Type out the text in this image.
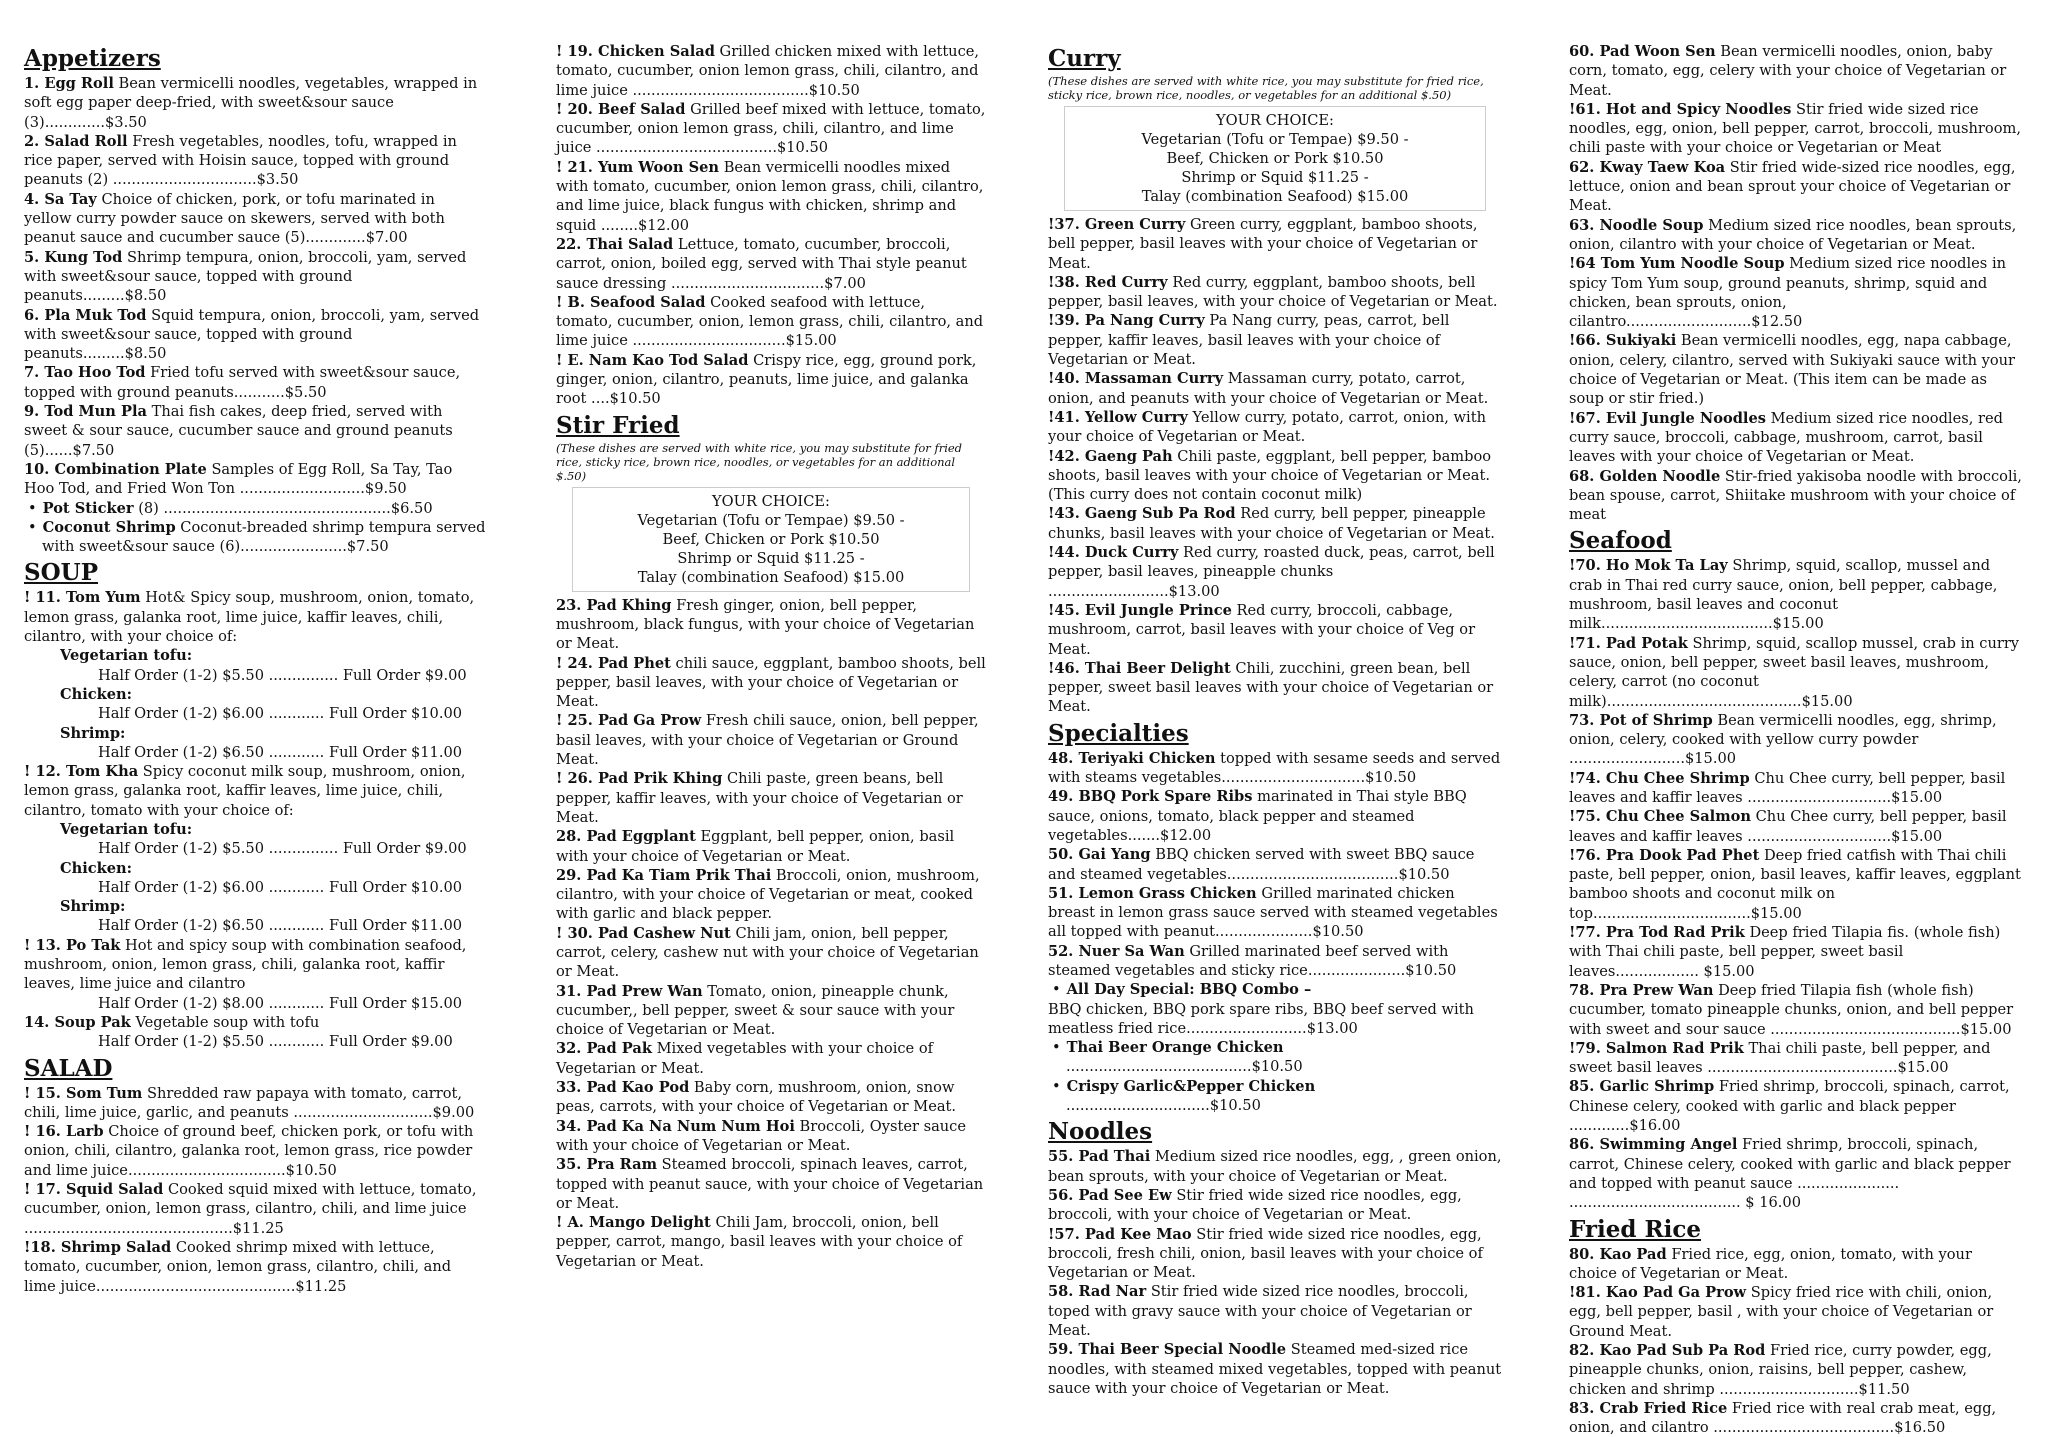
Appetizers

1. Egg Roll Bean vermicelli noodles, vegetables, wrapped in soft egg paper deep-fried, with sweet&sour sauce (3).............$3.50

2. Salad Roll Fresh vegetables, noodles, tofu, wrapped in rice paper, served with Hoisin sauce, topped with ground peanuts (2) ...............................$3.50

4. Sa Tay Choice of chicken, pork, or tofu marinated in yellow curry powder sauce on skewers, served with both peanut sauce and cucumber sauce (5).............$7.00

5. Kung Tod Shrimp tempura, onion, broccoli, yam, served with sweet&sour sauce, topped with ground peanuts.........$8.50

6. Pla Muk Tod Squid tempura, onion, broccoli, yam, served with sweet&sour sauce, topped with ground peanuts.........$8.50

7. Tao Hoo Tod Fried tofu served with sweet&sour sauce, topped with ground peanuts...........$5.50

9. Tod Mun Pla Thai fish cakes, deep fried, served with sweet & sour sauce, cucumber sauce and ground peanuts (5)......$7.50

10. Combination Plate Samples of Egg Roll, Sa Tay, Tao Hoo Tod, and Fried Won Ton ...........................$9.50

• Pot Sticker (8) .................................................$6.50

• Coconut Shrimp Coconut-breaded shrimp tempura served with sweet&sour sauce (6).......................$7.50

SOUP

! 11. Tom Yum Hot& Spicy soup, mushroom, onion, tomato, lemon grass, galanka root, lime juice, kaffir leaves, chili, cilantro, with your choice of:

Vegetarian tofu:

Half Order (1-2) $5.50 ............... Full Order $9.00

Chicken:

Half Order (1-2) $6.00 ............ Full Order $10.00

Shrimp:

Half Order (1-2) $6.50 ............ Full Order $11.00

! 12. Tom Kha Spicy coconut milk soup, mushroom, onion, lemon grass, galanka root, kaffir leaves, lime juice, chili, cilantro, tomato with your choice of:

Vegetarian tofu:

Half Order (1-2) $5.50 ............... Full Order $9.00

Chicken:

Half Order (1-2) $6.00 ............ Full Order $10.00

Shrimp:

Half Order (1-2) $6.50 ............ Full Order $11.00

! 13. Po Tak Hot and spicy soup with combination seafood, mushroom, onion, lemon grass, chili, galanka root, kaffir leaves, lime juice and cilantro

Half Order (1-2) $8.00 ............ Full Order $15.00

14. Soup Pak Vegetable soup with tofu

Half Order (1-2) $5.50 ............ Full Order $9.00

SALAD

! 15. Som Tum Shredded raw papaya with tomato, carrot, chili, lime juice, garlic, and peanuts ..............................$9.00

! 16. Larb Choice of ground beef, chicken pork, or tofu with onion, chili, cilantro, galanka root, lemon grass, rice powder and lime juice..................................$10.50

! 17. Squid Salad Cooked squid mixed with lettuce, tomato, cucumber, onion, lemon grass, cilantro, chili, and lime juice .............................................$11.25

!18. Shrimp Salad Cooked shrimp mixed with lettuce, tomato, cucumber, onion, lemon grass, cilantro, chili, and lime juice...........................................$11.25

! 19. Chicken Salad Grilled chicken mixed with lettuce, tomato, cucumber, onion lemon grass, chili, cilantro, and lime juice ......................................$10.50

! 20. Beef Salad Grilled beef mixed with lettuce, tomato, cucumber, onion lemon grass, chili, cilantro, and lime juice .......................................$10.50

! 21. Yum Woon Sen Bean vermicelli noodles mixed with tomato, cucumber, onion lemon grass, chili, cilantro, and lime juice, black fungus with chicken, shrimp and squid ........$12.00

22. Thai Salad Lettuce, tomato, cucumber, broccoli, carrot, onion, boiled egg, served with Thai style peanut sauce dressing .................................$7.00

! B. Seafood Salad Cooked seafood with lettuce, tomato, cucumber, onion, lemon grass, chili, cilantro, and lime juice .................................$15.00

! E. Nam Kao Tod Salad Crispy rice, egg, ground pork, ginger, onion, cilantro, peanuts, lime juice, and galanka root ....$10.50

Stir Fried

(These dishes are served with white rice, you may substitute for fried rice, sticky rice, brown rice, noodles, or vegetables for an additional $.50)

YOUR CHOICE:
Vegetarian (Tofu or Tempae) $9.50 -
Beef, Chicken or Pork $10.50
Shrimp or Squid $11.25 -
Talay (combination Seafood) $15.00

23. Pad Khing Fresh ginger, onion, bell pepper, mushroom, black fungus, with your choice of Vegetarian or Meat.

! 24. Pad Phet chili sauce, eggplant, bamboo shoots, bell pepper, basil leaves, with your choice of Vegetarian or Meat.

! 25. Pad Ga Prow Fresh chili sauce, onion, bell pepper, basil leaves, with your choice of Vegetarian or Ground Meat.

! 26. Pad Prik Khing Chili paste, green beans, bell pepper, kaffir leaves, with your choice of Vegetarian or Meat.

28. Pad Eggplant Eggplant, bell pepper, onion, basil with your choice of Vegetarian or Meat.

29. Pad Ka Tiam Prik Thai Broccoli, onion, mushroom, cilantro, with your choice of Vegetarian or meat, cooked with garlic and black pepper.

! 30. Pad Cashew Nut Chili jam, onion, bell pepper, carrot, celery, cashew nut with your choice of Vegetarian or Meat.

31. Pad Prew Wan Tomato, onion, pineapple chunk, cucumber,, bell pepper, sweet & sour sauce with your choice of Vegetarian or Meat.

32. Pad Pak Mixed vegetables with your choice of Vegetarian or Meat.

33. Pad Kao Pod Baby corn, mushroom, onion, snow peas, carrots, with your choice of Vegetarian or Meat.

34. Pad Ka Na Num Num Hoi Broccoli, Oyster sauce with your choice of Vegetarian or Meat.

35. Pra Ram Steamed broccoli, spinach leaves, carrot, topped with peanut sauce, with your choice of Vegetarian or Meat.

! A. Mango Delight Chili Jam, broccoli, onion, bell pepper, carrot, mango, basil leaves with your choice of Vegetarian or Meat.

Curry

(These dishes are served with white rice, you may substitute for fried rice, sticky rice, brown rice, noodles, or vegetables for an additional $.50)

YOUR CHOICE:
Vegetarian (Tofu or Tempae) $9.50 -
Beef, Chicken or Pork $10.50
Shrimp or Squid $11.25 -
Talay (combination Seafood) $15.00

!37. Green Curry Green curry, eggplant, bamboo shoots, bell pepper, basil leaves with your choice of Vegetarian or Meat.

!38. Red Curry Red curry, eggplant, bamboo shoots, bell pepper, basil leaves, with your choice of Vegetarian or Meat.

!39. Pa Nang Curry Pa Nang curry, peas, carrot, bell pepper, kaffir leaves, basil leaves with your choice of Vegetarian or Meat.

!40. Massaman Curry Massaman curry, potato, carrot, onion, and peanuts with your choice of Vegetarian or Meat.

!41. Yellow Curry Yellow curry, potato, carrot, onion, with your choice of Vegetarian or Meat.

!42. Gaeng Pah Chili paste, eggplant, bell pepper, bamboo shoots, basil leaves with your choice of Vegetarian or Meat. (This curry does not contain coconut milk)

!43. Gaeng Sub Pa Rod Red curry, bell pepper, pineapple chunks, basil leaves with your choice of Vegetarian or Meat.

!44. Duck Curry Red curry, roasted duck, peas, carrot, bell pepper, basil leaves, pineapple chunks ..........................$13.00

!45. Evil Jungle Prince Red curry, broccoli, cabbage, mushroom, carrot, basil leaves with your choice of Veg or Meat.

!46. Thai Beer Delight Chili, zucchini, green bean, bell pepper, sweet basil leaves with your choice of Vegetarian or Meat.

Specialties

48. Teriyaki Chicken topped with sesame seeds and served with steams vegetables...............................$10.50

49. BBQ Pork Spare Ribs marinated in Thai style BBQ sauce, onions, tomato, black pepper and steamed vegetables.......$12.00

50. Gai Yang BBQ chicken served with sweet BBQ sauce and steamed vegetables.....................................$10.50

51. Lemon Grass Chicken Grilled marinated chicken breast in lemon grass sauce served with steamed vegetables all topped with peanut.....................$10.50

52. Nuer Sa Wan Grilled marinated beef served with steamed vegetables and sticky rice.....................$10.50

• All Day Special: BBQ Combo –

BBQ chicken, BBQ pork spare ribs, BBQ beef served with meatless fried rice..........................$13.00

• Thai Beer Orange Chicken ........................................$10.50

• Crispy Garlic&Pepper Chicken ...............................$10.50

Noodles

55. Pad Thai Medium sized rice noodles, egg, , green onion, bean sprouts, with your choice of Vegetarian or Meat.

56. Pad See Ew Stir fried wide sized rice noodles, egg, broccoli, with your choice of Vegetarian or Meat.

!57. Pad Kee Mao Stir fried wide sized rice noodles, egg, broccoli, fresh chili, onion, basil leaves with your choice of Vegetarian or Meat.

58. Rad Nar Stir fried wide sized rice noodles, broccoli, toped with gravy sauce with your choice of Vegetarian or Meat.

59. Thai Beer Special Noodle Steamed med-sized rice noodles, with steamed mixed vegetables, topped with peanut sauce with your choice of Vegetarian or Meat.

60. Pad Woon Sen Bean vermicelli noodles, onion, baby corn, tomato, egg, celery with your choice of Vegetarian or Meat.

!61. Hot and Spicy Noodles Stir fried wide sized rice noodles, egg, onion, bell pepper, carrot, broccoli, mushroom, chili paste with your choice or Vegetarian or Meat

62. Kway Taew Koa Stir fried wide-sized rice noodles, egg, lettuce, onion and bean sprout your choice of Vegetarian or Meat.

63. Noodle Soup Medium sized rice noodles, bean sprouts, onion, cilantro with your choice of Vegetarian or Meat.

!64 Tom Yum Noodle Soup Medium sized rice noodles in spicy Tom Yum soup, ground peanuts, shrimp, squid and chicken, bean sprouts, onion, cilantro...........................$12.50

!66. Sukiyaki Bean vermicelli noodles, egg, napa cabbage, onion, celery, cilantro, served with Sukiyaki sauce with your choice of Vegetarian or Meat. (This item can be made as soup or stir fried.)

!67. Evil Jungle Noodles Medium sized rice noodles, red curry sauce, broccoli, cabbage, mushroom, carrot, basil leaves with your choice of Vegetarian or Meat.

68. Golden Noodle Stir-fried yakisoba noodle with broccoli, bean spouse, carrot, Shiitake mushroom with your choice of meat

Seafood

!70. Ho Mok Ta Lay Shrimp, squid, scallop, mussel and crab in Thai red curry sauce, onion, bell pepper, cabbage, mushroom, basil leaves and coconut milk.....................................$15.00

!71. Pad Potak Shrimp, squid, scallop mussel, crab in curry sauce, onion, bell pepper, sweet basil leaves, mushroom, celery, carrot (no coconut milk)..........................................$15.00

73. Pot of Shrimp Bean vermicelli noodles, egg, shrimp, onion, celery, cooked with yellow curry powder .........................$15.00

!74. Chu Chee Shrimp Chu Chee curry, bell pepper, basil leaves and kaffir leaves ...............................$15.00

!75. Chu Chee Salmon Chu Chee curry, bell pepper, basil leaves and kaffir leaves ...............................$15.00

!76. Pra Dook Pad Phet Deep fried catfish with Thai chili paste, bell pepper, onion, basil leaves, kaffir leaves, eggplant bamboo shoots and coconut milk on top..................................$15.00

!77. Pra Tod Rad Prik Deep fried Tilapia fis. (whole fish) with Thai chili paste, bell pepper, sweet basil leaves.................. $15.00

78. Pra Prew Wan Deep fried Tilapia fish (whole fish) cucumber, tomato pineapple chunks, onion, and bell pepper with sweet and sour sauce .........................................$15.00

!79. Salmon Rad Prik Thai chili paste, bell pepper, and sweet basil leaves .........................................$15.00

85. Garlic Shrimp Fried shrimp, broccoli, spinach, carrot, Chinese celery, cooked with garlic and black pepper .............$16.00

86. Swimming Angel Fried shrimp, broccoli, spinach, carrot, Chinese celery, cooked with garlic and black pepper and topped with peanut sauce ...................... ..................................... $ 16.00

Fried Rice

80. Kao Pad Fried rice, egg, onion, tomato, with your choice of Vegetarian or Meat.

!81. Kao Pad Ga Prow Spicy fried rice with chili, onion, egg, bell pepper, basil , with your choice of Vegetarian or Ground Meat.

82. Kao Pad Sub Pa Rod Fried rice, curry powder, egg, pineapple chunks, onion, raisins, bell pepper, cashew, chicken and shrimp ..............................$11.50

83. Crab Fried Rice Fried rice with real crab meat, egg, onion, and cilantro .......................................$16.50
